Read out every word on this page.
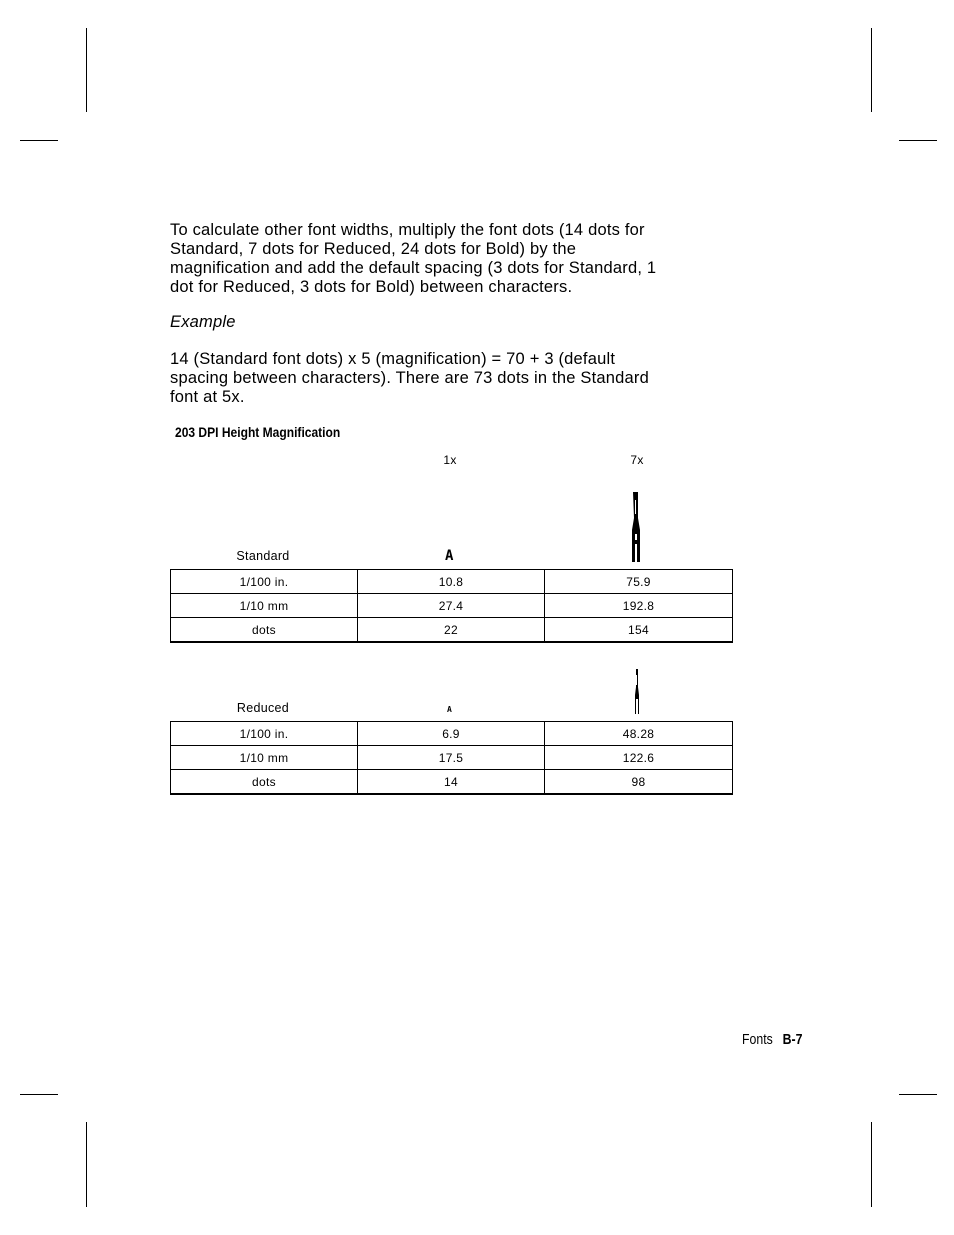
To calculate other font widths, multiply the font dots (14 dots for
Standard, 7 dots for Reduced, 24 dots for Bold) by the
magnification and add the default spacing (3 dots for Standard, 1
dot for Reduced, 3 dots for Bold) between characters.

Example

14 (Standard font dots) x 5 (magnification) = 70 + 3 (default
spacing between characters). There are 73 dots in the Standard
font at 5x.

203 DPI Height Magnification
1x	7x
Standard	A
1/100 in.	10.8	75.9
1/10 mm	27.4	192.8
dots	22	154
Reduced	A
1/100 in.	6.9	48.28
1/10 mm	17.5	122.6
dots	14	98
Fonts B-7
